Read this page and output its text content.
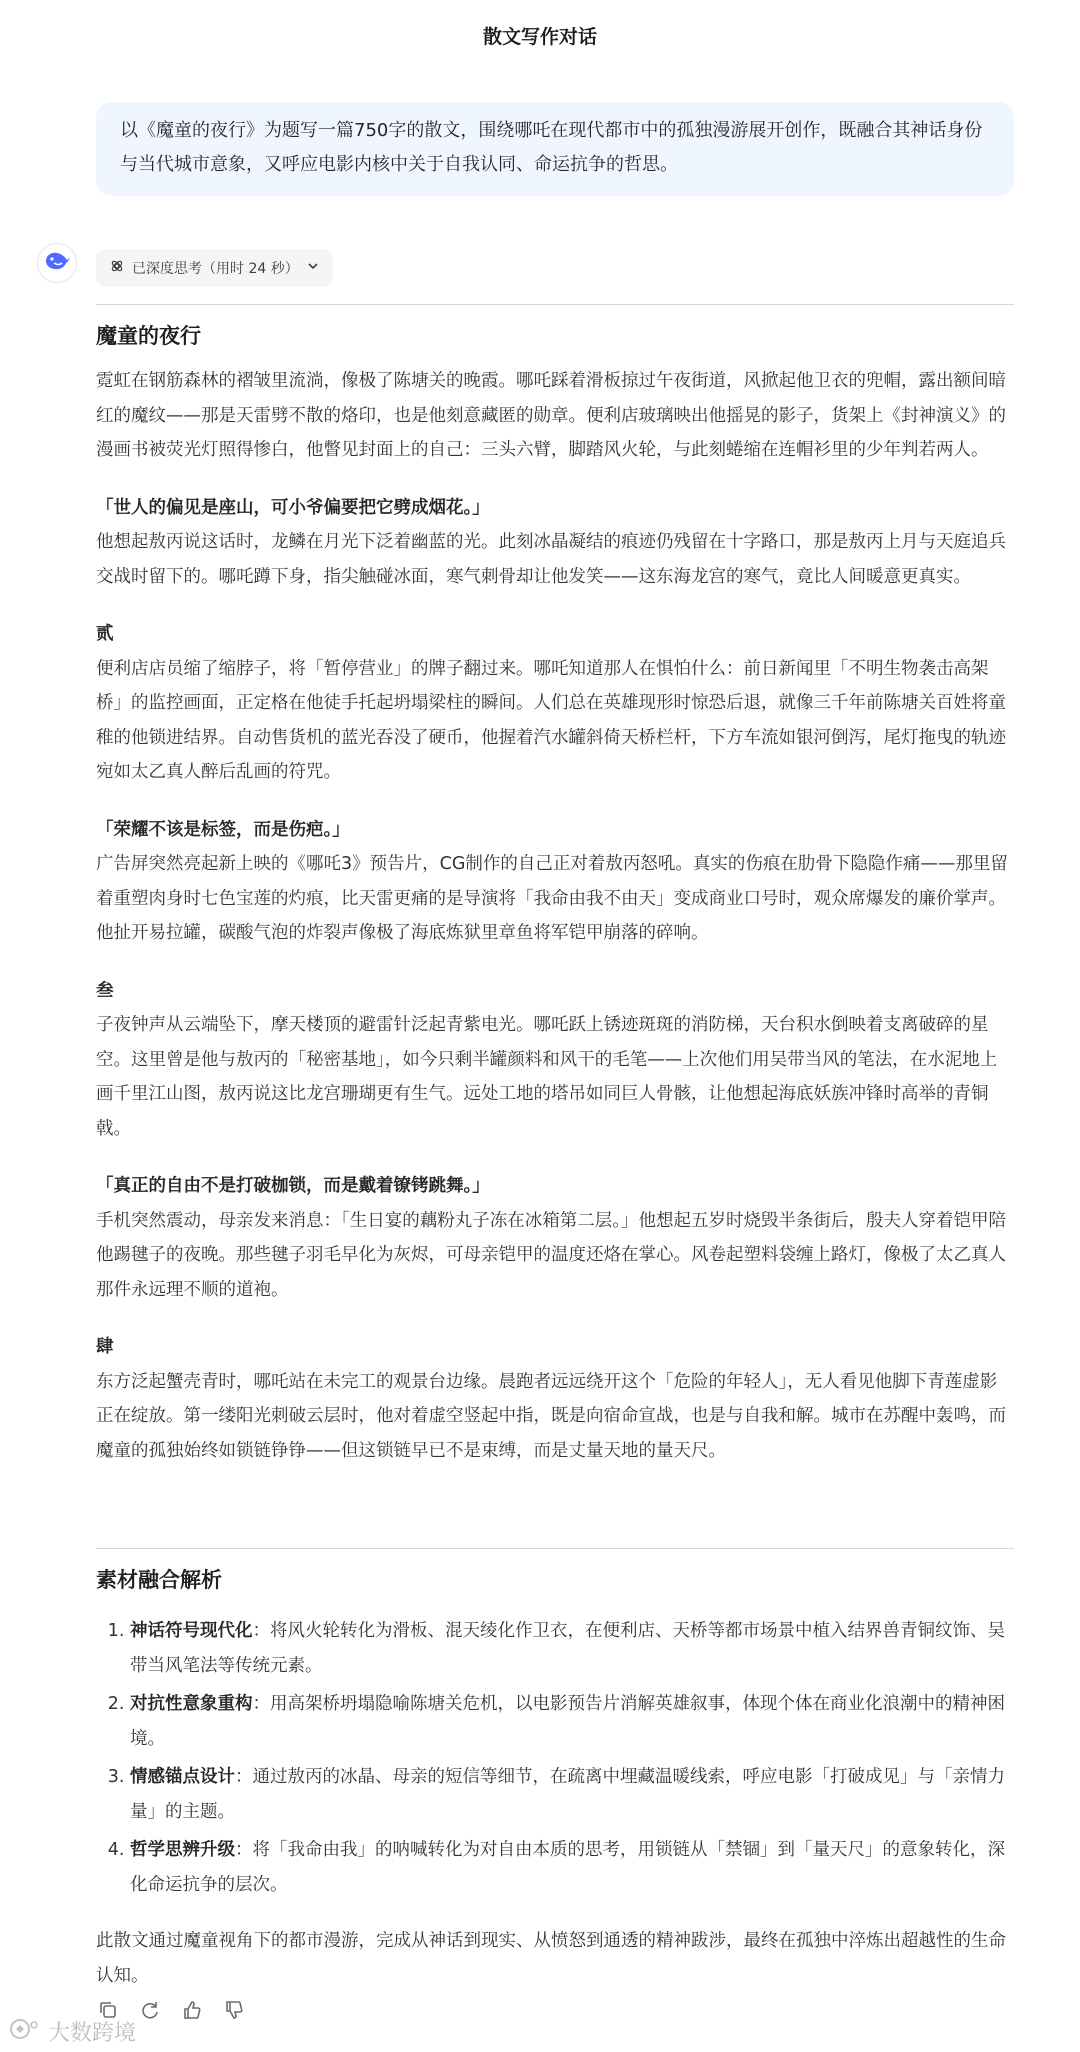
散文写作对话
以《魔童的夜行》为题写一篇750字的散文，围绕哪吒在现代都市中的孤独漫游展开创作，既融合其神话身份与当代城市意象，又呼应电影内核中关于自我认同、命运抗争的哲思。
已深度思考（用时 24 秒）
魔童的夜行

霓虹在钢筋森林的褶皱里流淌，像极了陈塘关的晚霞。哪吒踩着滑板掠过午夜街道，风掀起他卫衣的兜帽，露出额间暗红的魔纹——那是天雷劈不散的烙印，也是他刻意藏匿的勋章。便利店玻璃映出他摇晃的影子，货架上《封神演义》的漫画书被荧光灯照得惨白，他瞥见封面上的自己：三头六臂，脚踏风火轮，与此刻蜷缩在连帽衫里的少年判若两人。

「世人的偏见是座山，可小爷偏要把它劈成烟花。」

他想起敖丙说这话时，龙鳞在月光下泛着幽蓝的光。此刻冰晶凝结的痕迹仍残留在十字路口，那是敖丙上月与天庭追兵交战时留下的。哪吒蹲下身，指尖触碰冰面，寒气刺骨却让他发笑——这东海龙宫的寒气，竟比人间暖意更真实。

贰

便利店店员缩了缩脖子，将「暂停营业」的牌子翻过来。哪吒知道那人在惧怕什么：前日新闻里「不明生物袭击高架桥」的监控画面，正定格在他徒手托起坍塌梁柱的瞬间。人们总在英雄现形时惊恐后退，就像三千年前陈塘关百姓将童稚的他锁进结界。自动售货机的蓝光吞没了硬币，他握着汽水罐斜倚天桥栏杆，下方车流如银河倒泻，尾灯拖曳的轨迹宛如太乙真人醉后乱画的符咒。

「荣耀不该是标签，而是伤疤。」

广告屏突然亮起新上映的《哪吒3》预告片，CG制作的自己正对着敖丙怒吼。真实的伤痕在肋骨下隐隐作痛——那里留着重塑肉身时七色宝莲的灼痕，比天雷更痛的是导演将「我命由我不由天」变成商业口号时，观众席爆发的廉价掌声。他扯开易拉罐，碳酸气泡的炸裂声像极了海底炼狱里章鱼将军铠甲崩落的碎响。

叁

子夜钟声从云端坠下，摩天楼顶的避雷针泛起青紫电光。哪吒跃上锈迹斑斑的消防梯，天台积水倒映着支离破碎的星空。这里曾是他与敖丙的「秘密基地」，如今只剩半罐颜料和风干的毛笔——上次他们用吴带当风的笔法，在水泥地上画千里江山图，敖丙说这比龙宫珊瑚更有生气。远处工地的塔吊如同巨人骨骸，让他想起海底妖族冲锋时高举的青铜戟。

「真正的自由不是打破枷锁，而是戴着镣铐跳舞。」

手机突然震动，母亲发来消息：「生日宴的藕粉丸子冻在冰箱第二层。」他想起五岁时烧毁半条街后，殷夫人穿着铠甲陪他踢毽子的夜晚。那些毽子羽毛早化为灰烬，可母亲铠甲的温度还烙在掌心。风卷起塑料袋缠上路灯，像极了太乙真人那件永远理不顺的道袍。

肆

东方泛起蟹壳青时，哪吒站在未完工的观景台边缘。晨跑者远远绕开这个「危险的年轻人」，无人看见他脚下青莲虚影正在绽放。第一缕阳光刺破云层时，他对着虚空竖起中指，既是向宿命宣战，也是与自我和解。城市在苏醒中轰鸣，而魔童的孤独始终如锁链铮铮——但这锁链早已不是束缚，而是丈量天地的量天尺。

素材融合解析
1. 神话符号现代化：将风火轮转化为滑板、混天绫化作卫衣，在便利店、天桥等都市场景中植入结界兽青铜纹饰、吴带当风笔法等传统元素。
2. 对抗性意象重构：用高架桥坍塌隐喻陈塘关危机，以电影预告片消解英雄叙事，体现个体在商业化浪潮中的精神困境。
3. 情感锚点设计：通过敖丙的冰晶、母亲的短信等细节，在疏离中埋藏温暖线索，呼应电影「打破成见」与「亲情力量」的主题。
4. 哲学思辨升级：将「我命由我」的呐喊转化为对自由本质的思考，用锁链从「禁锢」到「量天尺」的意象转化，深化命运抗争的层次。
此散文通过魔童视角下的都市漫游，完成从神话到现实、从愤怒到通透的精神跋涉，最终在孤独中淬炼出超越性的生命认知。
大数跨境
